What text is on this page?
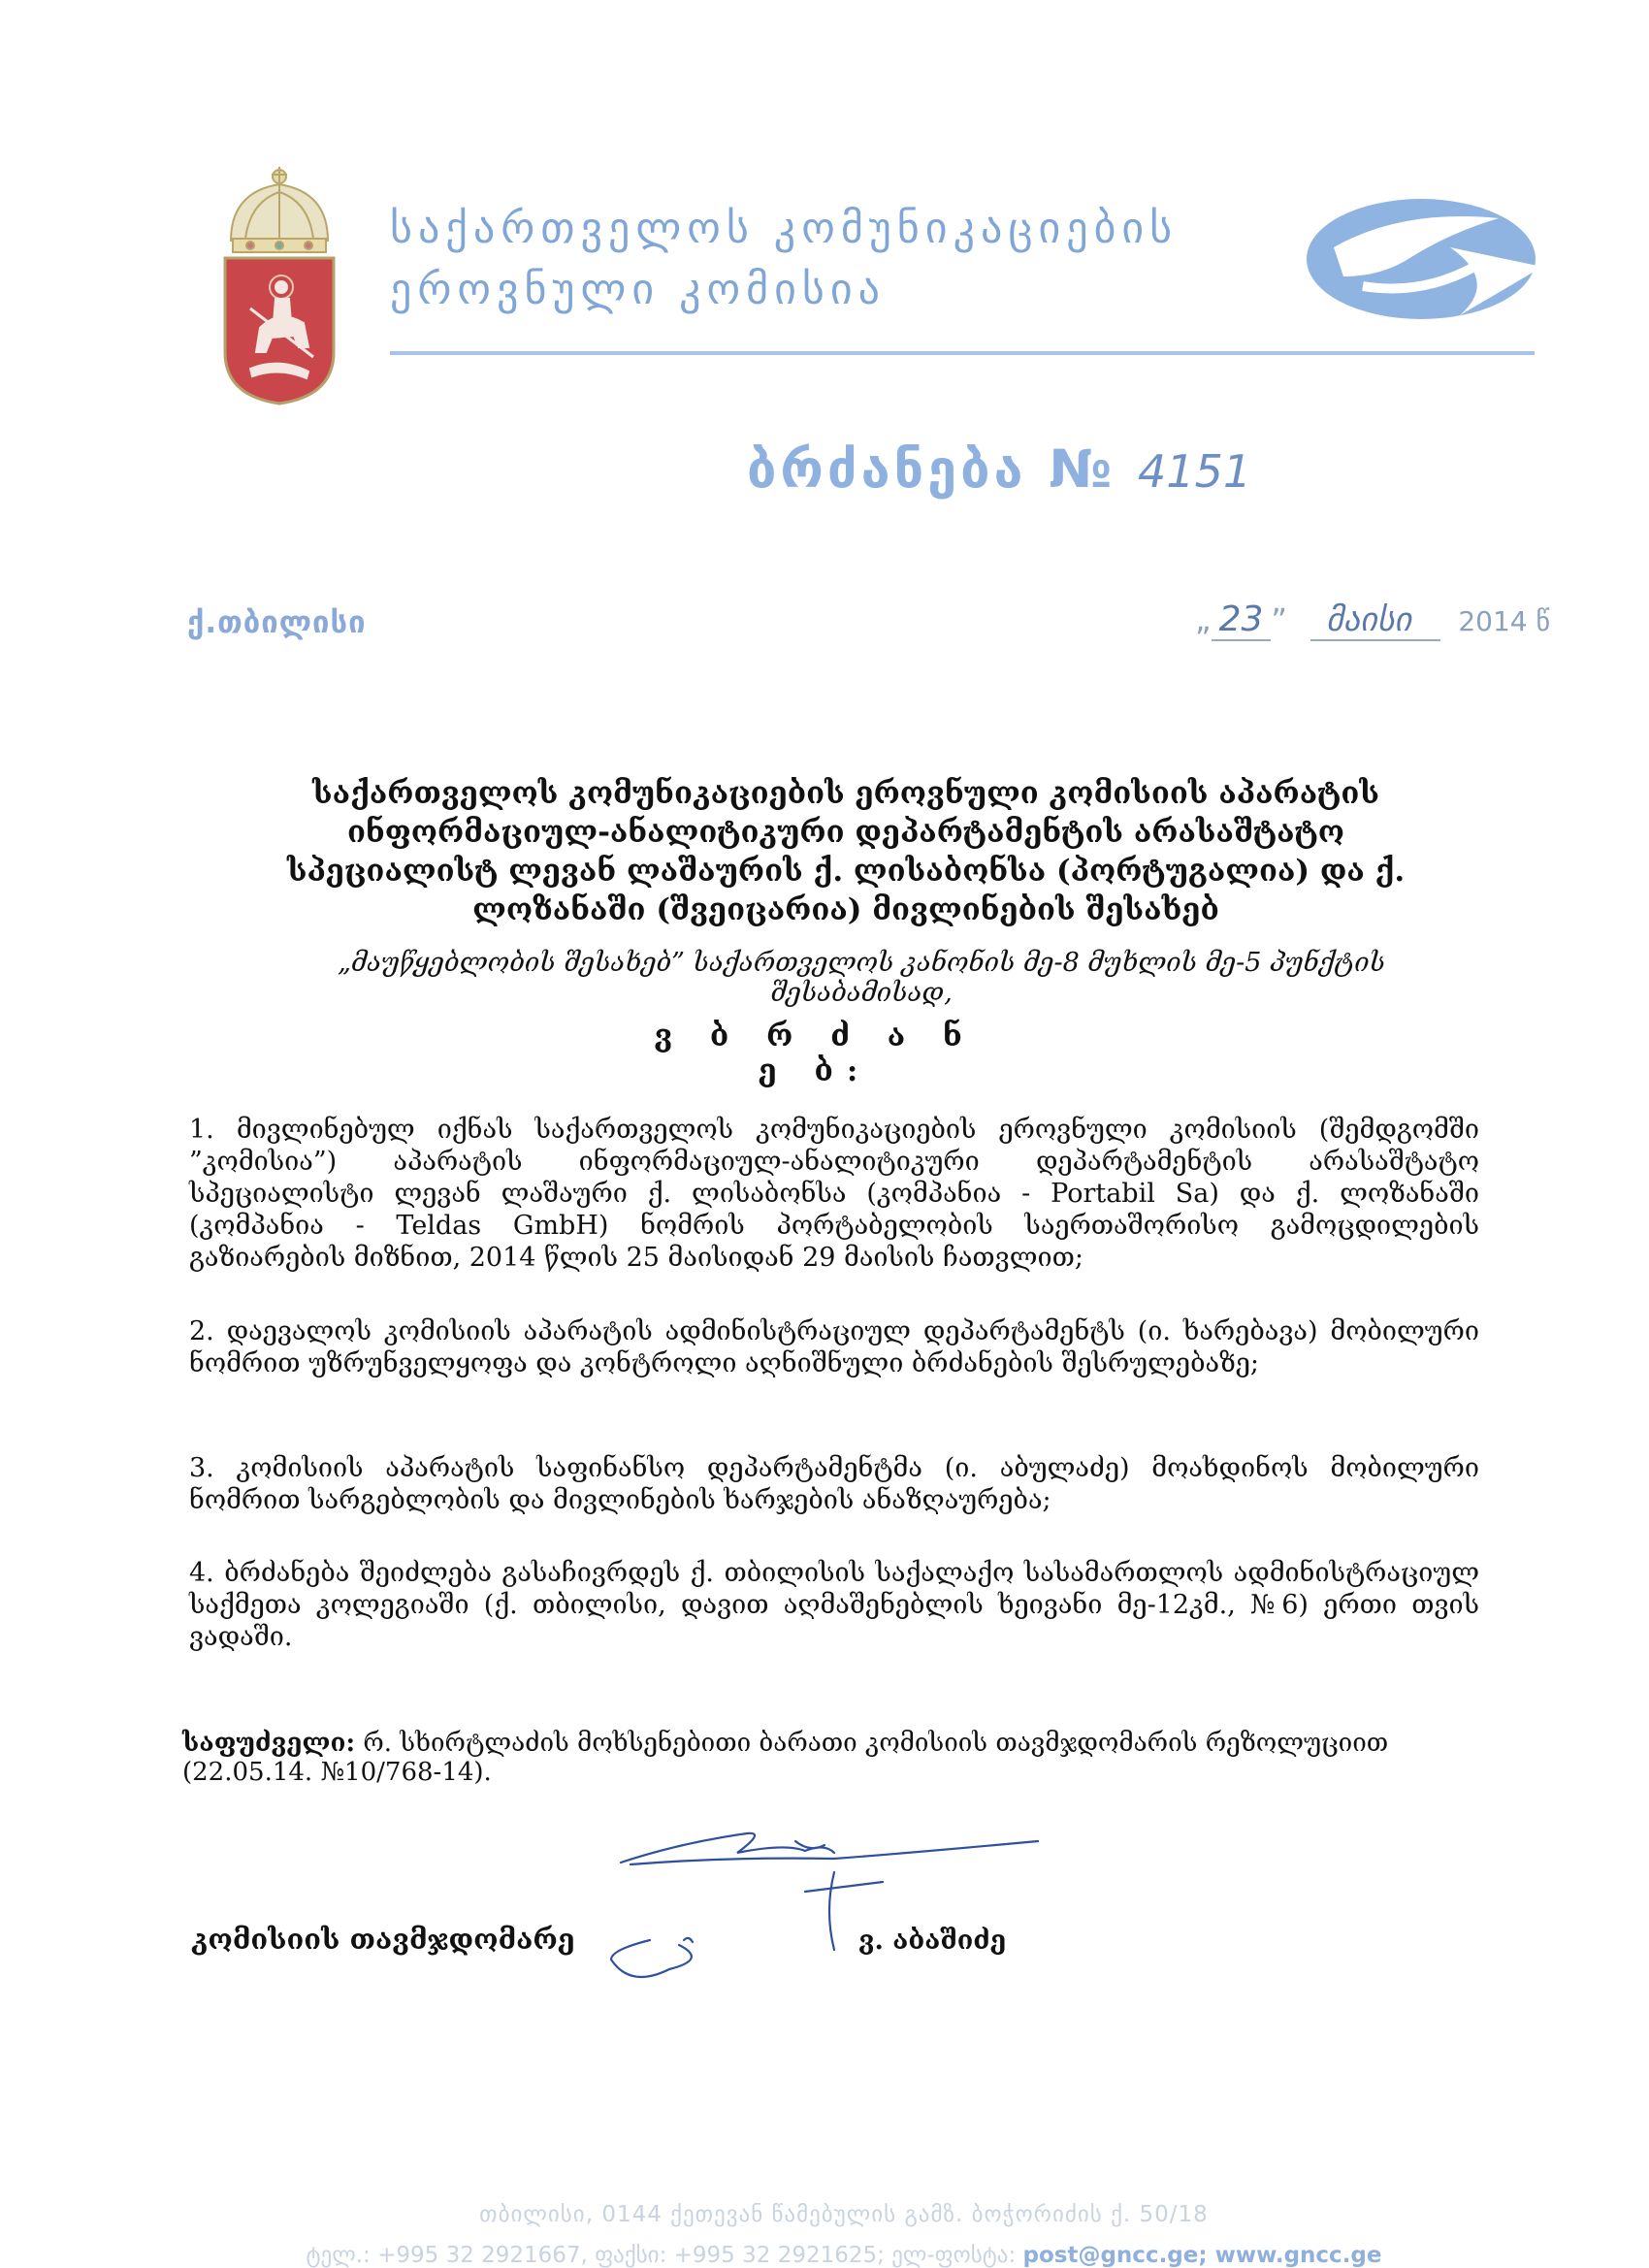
საქართველოს კომუნიკაციების
ეროვნული კომისია
ბრძანება № 4151
ქ.თბილისი	„ 23 ” მაისი 2014 წ
საქართველოს კომუნიკაციების ეროვნული კომისიის აპარატის ინფორმაციულ-ანალიტიკური დეპარტამენტის არასაშტატო სპეციალისტ ლევან ლაშაურის ქ. ლისაბონსა (პორტუგალია) და ქ. ლოზანაში (შვეიცარია) მივლინების შესახებ
„მაუწყებლობის შესახებ” საქართველოს კანონის მე-8 მუხლის მე-5 პუნქტის შესაბამისად,
ვ ბ რ ძ ა ნ ე ბ:
1. მივლინებულ იქნას საქართველოს კომუნიკაციების ეროვნული კომისიის (შემდგომში ”კომისია”) აპარატის ინფორმაციულ-ანალიტიკური დეპარტამენტის არასაშტატო სპეციალისტი ლევან ლაშაური ქ. ლისაბონსა (კომპანია - Portabil Sa) და ქ. ლოზანაში (კომპანია - Teldas GmbH) ნომრის პორტაბელობის საერთაშორისო გამოცდილების გაზიარების მიზნით, 2014 წლის 25 მაისიდან 29 მაისის ჩათვლით;
2. დაევალოს კომისიის აპარატის ადმინისტრაციულ დეპარტამენტს (ი. ხარებავა) მობილური ნომრით უზრუნველყოფა და კონტროლი აღნიშნული ბრძანების შესრულებაზე;
3. კომისიის აპარატის საფინანსო დეპარტამენტმა (ი. აბულაძე) მოახდინოს მობილური ნომრით სარგებლობის და მივლინების ხარჯების ანაზღაურება;
4. ბრძანება შეიძლება გასაჩივრდეს ქ. თბილისის საქალაქო სასამართლოს ადმინისტრაციულ საქმეთა კოლეგიაში (ქ. თბილისი, დავით აღმაშენებლის ხეივანი მე-12კმ., №6) ერთი თვის ვადაში.
საფუძველი: რ. სხირტლაძის მოხსენებითი ბარათი კომისიის თავმჯდომარის რეზოლუციით (22.05.14. №10/768-14).
კომისიის თავმჯდომარე	ვ. აბაშიძე
თბილისი, 0144 ქეთევან წამებულის გამზ. ბოჭორიძის ქ. 50/18
ტელ.: +995 32 2921667, ფაქსი: +995 32 2921625; ელ-ფოსტა: post@gncc.ge; www.gncc.ge
